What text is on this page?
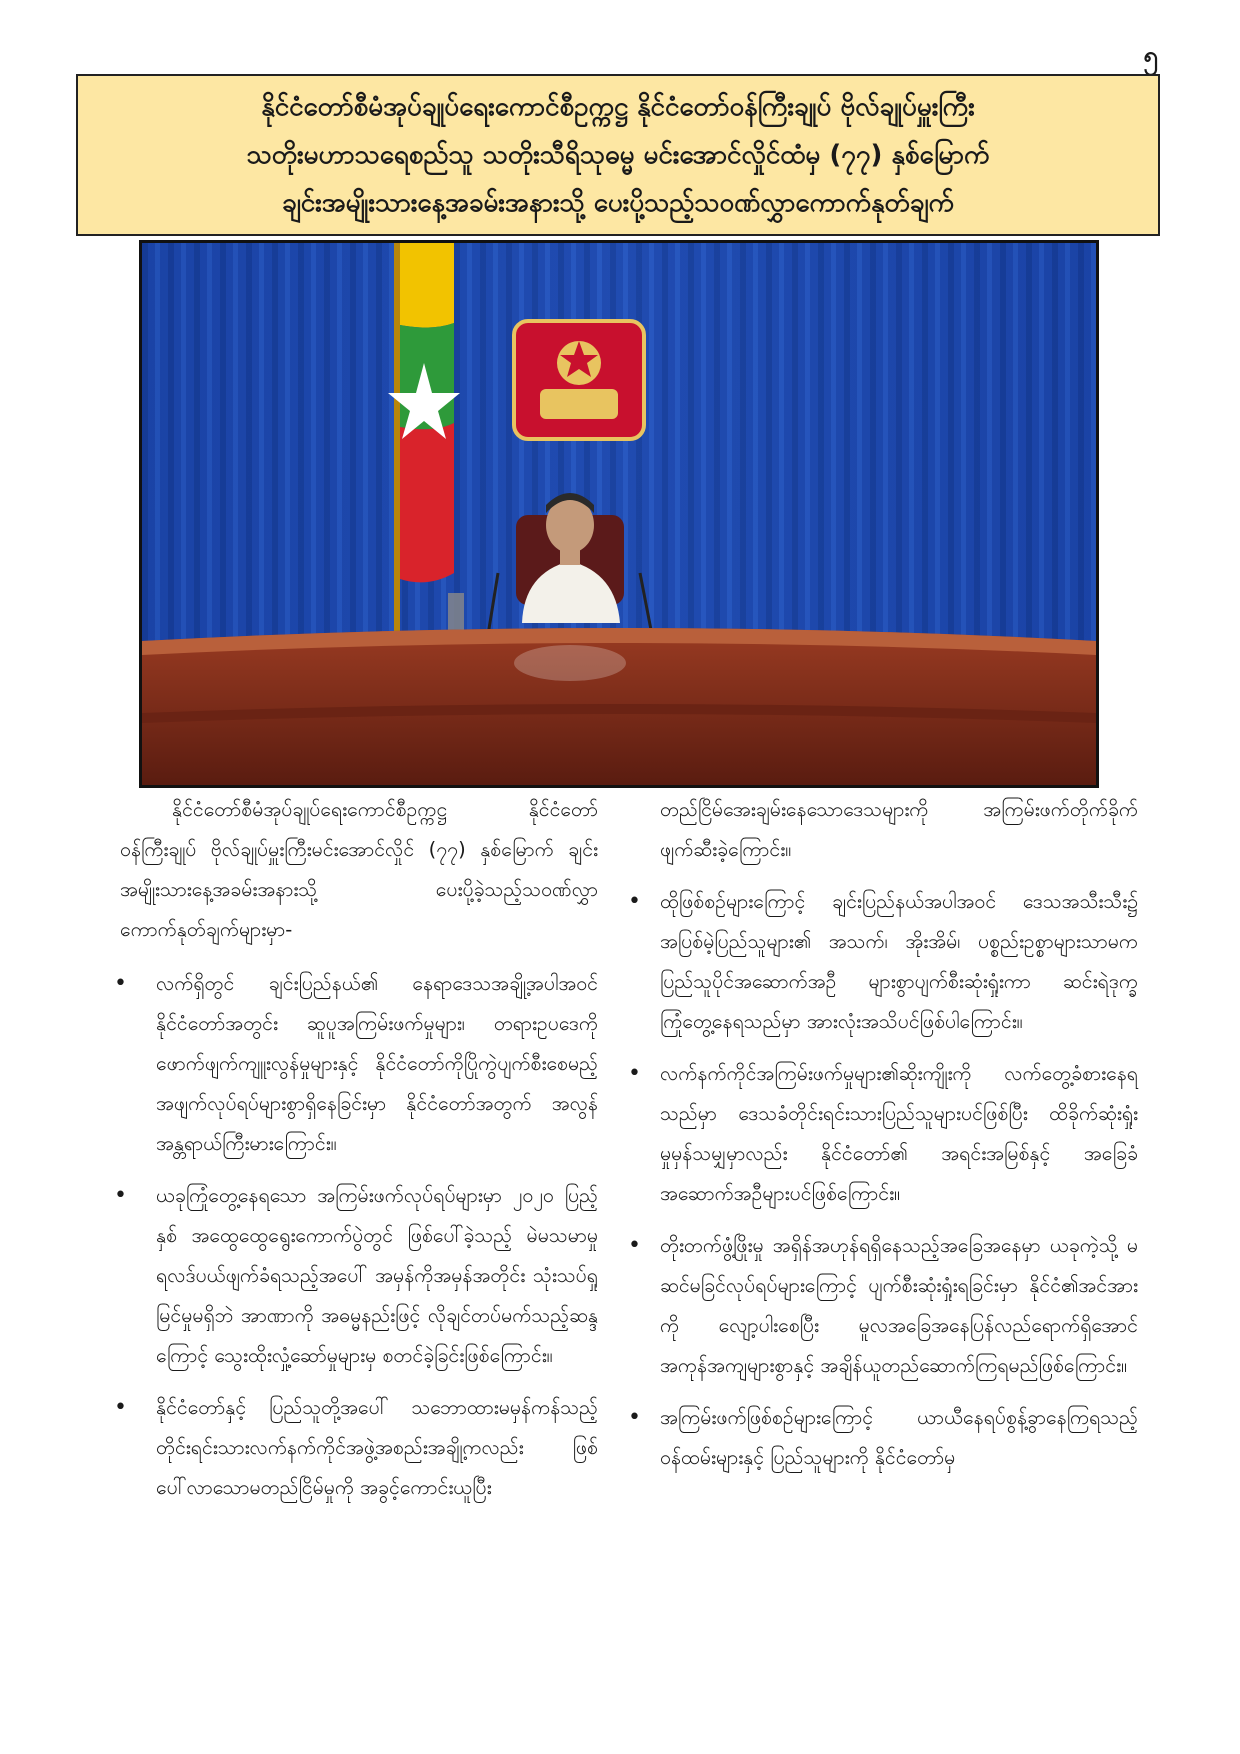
၅
နိုင်ငံတော်စီမံအုပ်ချုပ်ရေးကောင်စီဥက္ကဋ္ဌ နိုင်ငံတော်ဝန်ကြီးချုပ် ဗိုလ်ချုပ်မှူးကြီး
သတိုးမဟာသရေစည်သူ သတိုးသီရိသုဓမ္မ မင်းအောင်လှိုင်ထံမှ (၇၇) နှစ်မြောက်
ချင်းအမျိုးသားနေ့အခမ်းအနားသို့ ပေးပို့သည့်သဝဏ်လွှာကောက်နုတ်ချက်

နိုင်ငံတော်စီမံအုပ်ချုပ်ရေးကောင်စီဥက္ကဋ္ဌ နိုင်ငံတော်ဝန်ကြီးချုပ် ဗိုလ်ချုပ်မှူးကြီးမင်းအောင်လှိုင် (၇၇) နှစ်မြောက် ချင်းအမျိုးသားနေ့အခမ်းအနားသို့ ပေးပို့ခဲ့သည့်သဝဏ်လွှာ ကောက်နုတ်ချက်များမှာ-

• လက်ရှိတွင် ချင်းပြည်နယ်၏ နေရာဒေသအချို့အပါအဝင် နိုင်ငံတော်အတွင်း ဆူပူအကြမ်းဖက်မှုများ၊ တရားဥပဒေကို ဖောက်ဖျက်ကျူးလွန်မှုများနှင့် နိုင်ငံတော်ကိုပြိုကွဲပျက်စီးစေမည့်အဖျက်လုပ်ရပ်များစွာရှိနေခြင်းမှာ နိုင်ငံတော်အတွက် အလွန်အန္တရာယ်ကြီးမားကြောင်း။
• ယခုကြုံတွေ့နေရသော အကြမ်းဖက်လုပ်ရပ်များမှာ ၂၀၂၀ ပြည့်နှစ် အထွေထွေရွေးကောက်ပွဲတွင် ဖြစ်ပေါ်ခဲ့သည့် မဲမသမာမှုရလဒ်ပယ်ဖျက်ခံရသည့်အပေါ် အမှန်ကိုအမှန်အတိုင်း သုံးသပ်ရှုမြင်မှုမရှိဘဲ အာဏာကို အဓမ္မနည်းဖြင့် လိုချင်တပ်မက်သည့်ဆန္ဒကြောင့် သွေးထိုးလှုံ့ဆော်မှုများမှ စတင်ခဲ့ခြင်းဖြစ်ကြောင်း။
• နိုင်ငံတော်နှင့် ပြည်သူတို့အပေါ် သဘောထားမမှန်ကန်သည့် တိုင်းရင်းသားလက်နက်ကိုင်အဖွဲ့အစည်းအချို့ကလည်း ဖြစ်ပေါ်လာသောမတည်ငြိမ်မှုကို အခွင့်ကောင်းယူပြီး

တည်ငြိမ်အေးချမ်းနေသောဒေသများကို အကြမ်းဖက်တိုက်ခိုက်ဖျက်ဆီးခဲ့ကြောင်း။

• ထိုဖြစ်စဉ်များကြောင့် ချင်းပြည်နယ်အပါအဝင် ဒေသအသီးသီး၌ အပြစ်မဲ့ပြည်သူများ၏ အသက်၊ အိုးအိမ်၊ ပစ္စည်းဥစ္စာများသာမက ပြည်သူပိုင်အဆောက်အဦ များစွာပျက်စီးဆုံးရှုံးကာ ဆင်းရဲဒုက္ခကြုံတွေ့နေရသည်မှာ အားလုံးအသိပင်ဖြစ်ပါကြောင်း။
• လက်နက်ကိုင်အကြမ်းဖက်မှုများ၏ဆိုးကျိုးကို လက်တွေ့ခံစားနေရသည်မှာ ဒေသခံတိုင်းရင်းသားပြည်သူများပင်ဖြစ်ပြီး ထိခိုက်ဆုံးရှုံးမှုမှန်သမျှမှာလည်း နိုင်ငံတော်၏ အရင်းအမြစ်နှင့် အခြေခံအဆောက်အဦများပင်ဖြစ်ကြောင်း။
• တိုးတက်ဖွံ့ဖြိုးမှု အရှိန်အဟုန်ရရှိနေသည့်အခြေအနေမှာ ယခုကဲ့သို့ မဆင်မခြင်လုပ်ရပ်များကြောင့် ပျက်စီးဆုံးရှုံးရခြင်းမှာ နိုင်ငံ၏အင်အားကို လျော့ပါးစေပြီး မူလအခြေအနေပြန်လည်ရောက်ရှိအောင် အကုန်အကျများစွာနှင့် အချိန်ယူတည်ဆောက်ကြရမည်ဖြစ်ကြောင်း။
• အကြမ်းဖက်ဖြစ်စဉ်များကြောင့် ယာယီနေရပ်စွန့်ခွာနေကြရသည့်ဝန်ထမ်းများနှင့် ပြည်သူများကို နိုင်ငံတော်မှ
